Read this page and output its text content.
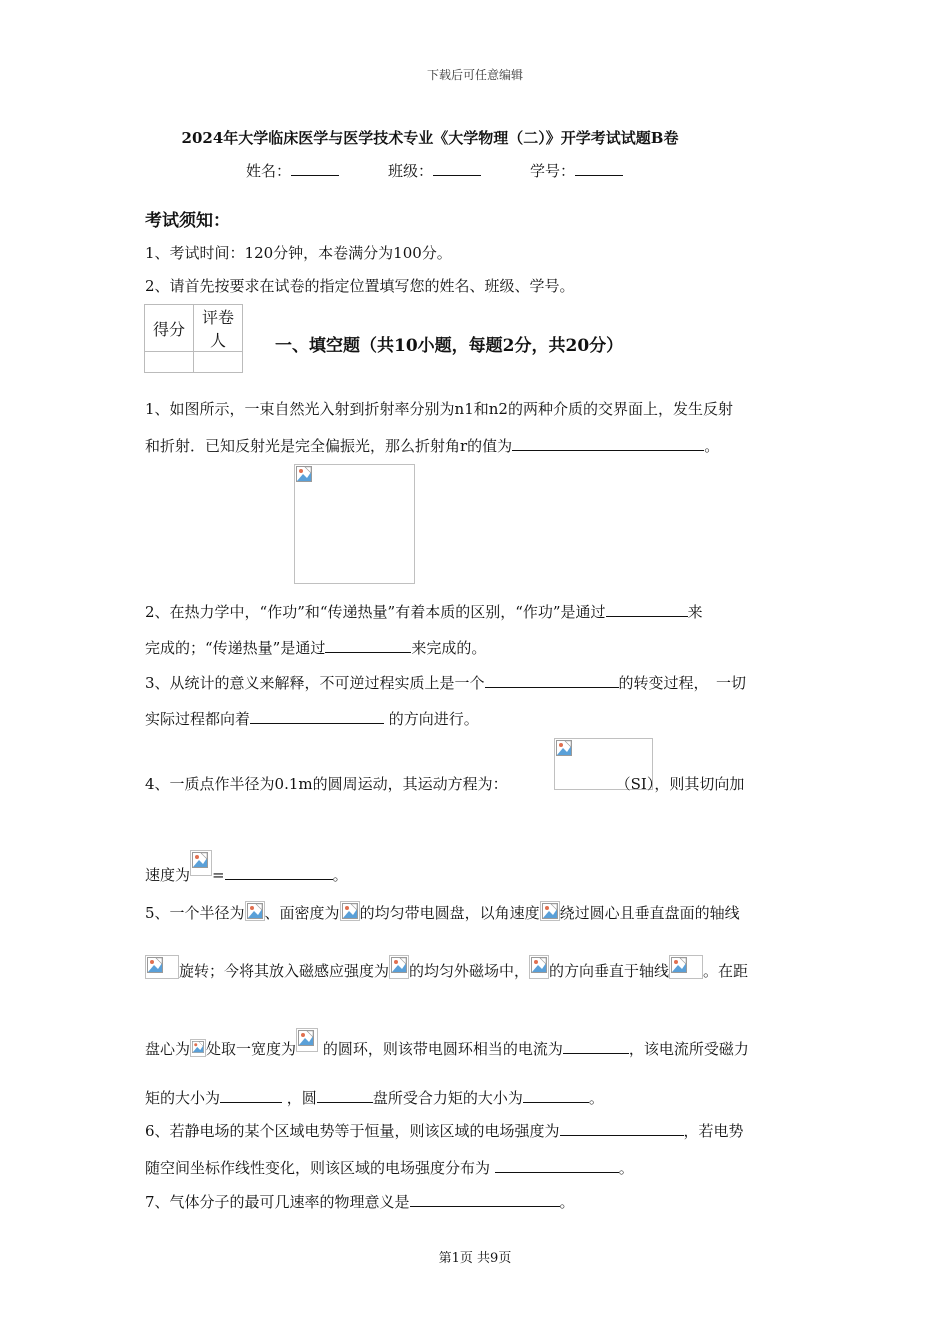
下载后可任意编辑
2024年大学临床医学与医学技术专业《大学物理（二）》开学考试试题B卷
姓名：	班级：	学号：
考试须知：
1、考试时间：120分钟，本卷满分为100分。
2、请首先按要求在试卷的指定位置填写您的姓名、班级、学号。
得分	评卷人
		一、填空题（共10小题，每题2分，共20分）
1、如图所示，一束自然光入射到折射率分别为n1和n2的两种介质的交界面上，发生反射
和折射．已知反射光是完全偏振光，那么折射角r的值为	。
2、在热力学中，“作功”和“传递热量”有着本质的区别，“作功”是通过	来
完成的；“传递热量”是通过	来完成的。
3、从统计的意义来解释，不可逆过程实质上是一个	的转变过程，　一切
实际过程都向着	的方向进行。
4、一质点作半径为0.1m的圆周运动，其运动方程为：	（SI），则其切向加
速度为 =	。
5、一个半径为 、面密度为 的均匀带电圆盘，以角速度 绕过圆心且垂直盘面的轴线
旋转；今将其放入磁感应强度为 的均匀外磁场中， 的方向垂直于轴线 。在距
盘心为 处取一宽度为 的圆环，则该带电圆环相当的电流为	，该电流所受磁力
矩的大小为	，圆	盘所受合力矩的大小为	。
6、若静电场的某个区域电势等于恒量，则该区域的电场强度为	，若电势
随空间坐标作线性变化，则该区域的电场强度分布为	。
7、气体分子的最可几速率的物理意义是	。
第1页 共9页
